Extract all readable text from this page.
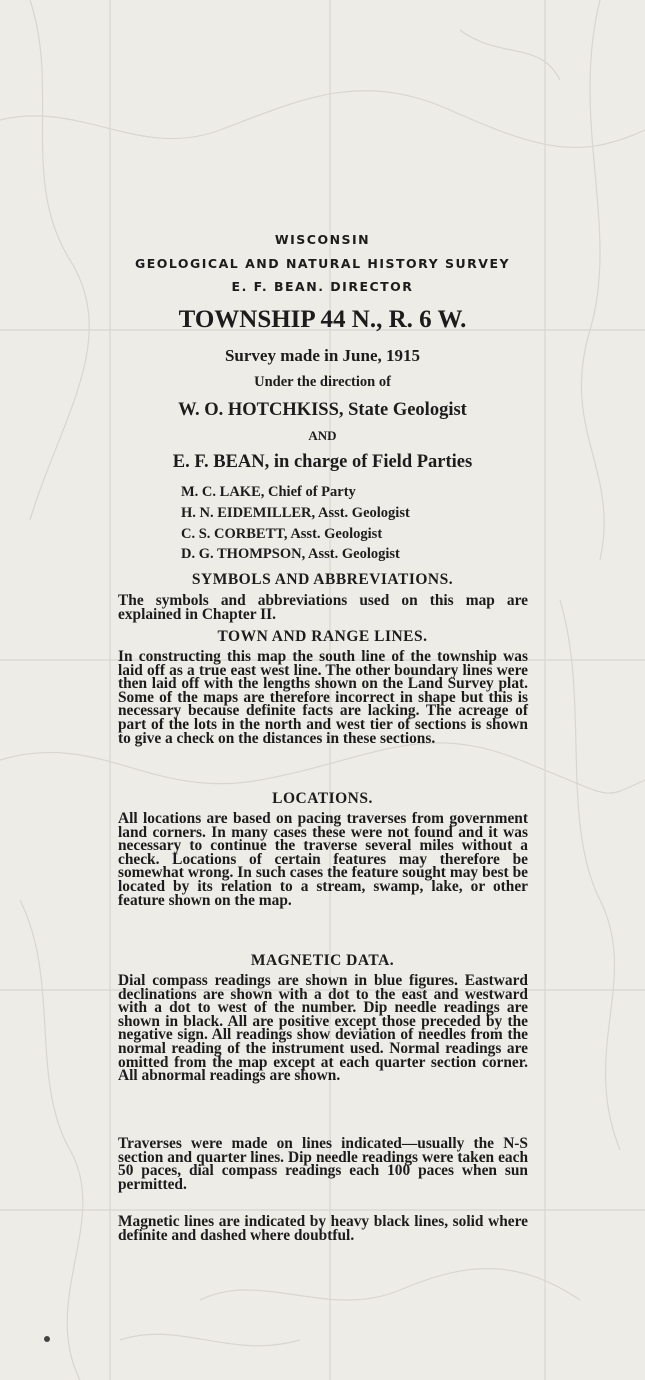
WISCONSIN
GEOLOGICAL AND NATURAL HISTORY SURVEY
E. F. BEAN. DIRECTOR
TOWNSHIP 44 N., R. 6 W.
Survey made in June, 1915
Under the direction of
W. O. HOTCHKISS, State Geologist
AND
E. F. BEAN, in charge of Field Parties
M. C. LAKE, Chief of Party
H. N. EIDEMILLER, Asst. Geologist
C. S. CORBETT, Asst. Geologist
D. G. THOMPSON, Asst. Geologist
SYMBOLS AND ABBREVIATIONS.
The symbols and abbreviations used on this map are explained in Chapter II.
TOWN AND RANGE LINES.
In constructing this map the south line of the township was laid off as a true east west line. The other boundary lines were then laid off with the lengths shown on the Land Survey plat. Some of the maps are therefore incorrect in shape but this is necessary because definite facts are lacking. The acreage of part of the lots in the north and west tier of sections is shown to give a check on the distances in these sections.
LOCATIONS.
All locations are based on pacing traverses from government land corners. In many cases these were not found and it was necessary to continue the traverse several miles without a check. Locations of certain features may therefore be somewhat wrong. In such cases the feature sought may best be located by its relation to a stream, swamp, lake, or other feature shown on the map.
MAGNETIC DATA.
Dial compass readings are shown in blue figures. Eastward declinations are shown with a dot to the east and westward with a dot to west of the number. Dip needle readings are shown in black. All are positive except those preceded by the negative sign. All readings show deviation of needles from the normal reading of the instrument used. Normal readings are omitted from the map except at each quarter section corner. All abnormal readings are shown.
Traverses were made on lines indicated—usually the N-S section and quarter lines. Dip needle readings were taken each 50 paces, dial compass readings each 100 paces when sun permitted.
Magnetic lines are indicated by heavy black lines, solid where definite and dashed where doubtful.
